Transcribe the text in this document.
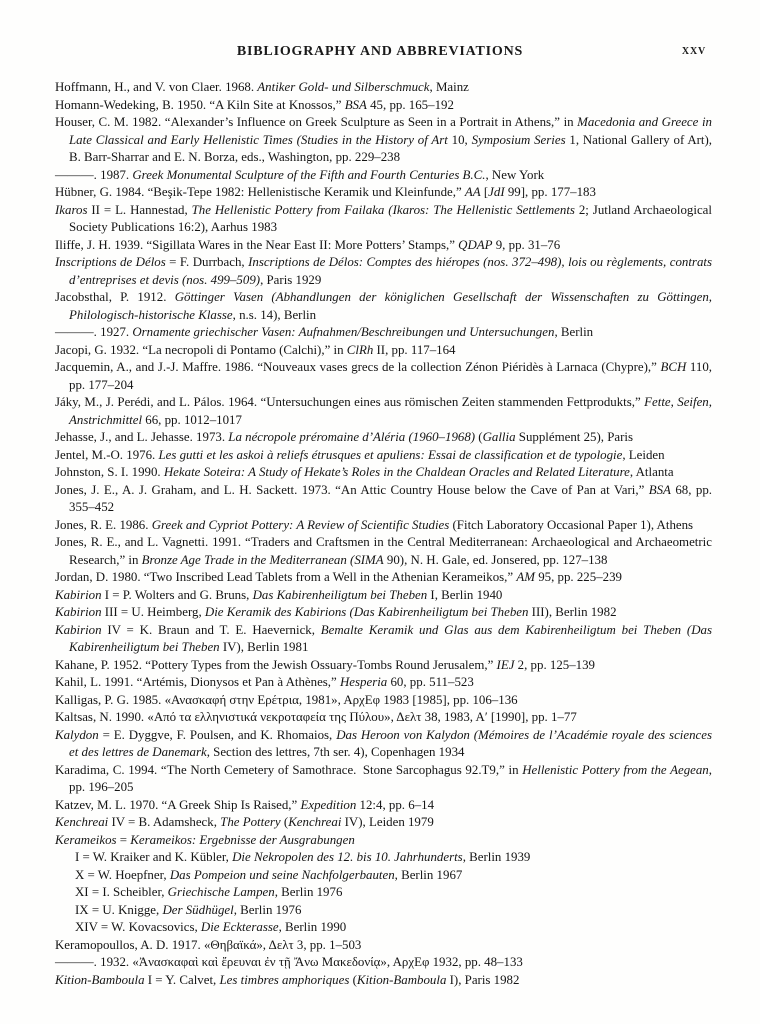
BIBLIOGRAPHY AND ABBREVIATIONS	XXV
Hoffmann, H., and V. von Claer. 1968. Antiker Gold- und Silberschmuck, Mainz
Homann-Wedeking, B. 1950. “A Kiln Site at Knossos,” BSA 45, pp. 165–192
Houser, C. M. 1982. “Alexander’s Influence on Greek Sculpture as Seen in a Portrait in Athens,” in Macedonia and Greece in Late Classical and Early Hellenistic Times (Studies in the History of Art 10, Symposium Series 1, National Gallery of Art), B. Barr-Sharrar and E. N. Borza, eds., Washington, pp. 229–238
———. 1987. Greek Monumental Sculpture of the Fifth and Fourth Centuries B.C., New York
Hübner, G. 1984. “Beşik-Tepe 1982: Hellenistische Keramik und Kleinfunde,” AA [JdI 99], pp. 177–183
Ikaros II = L. Hannestad, The Hellenistic Pottery from Failaka (Ikaros: The Hellenistic Settlements 2; Jutland Archaeological Society Publications 16:2), Aarhus 1983
Iliffe, J. H. 1939. “Sigillata Wares in the Near East II: More Potters’ Stamps,” QDAP 9, pp. 31–76
Inscriptions de Délos = F. Durrbach, Inscriptions de Délos: Comptes des hiéropes (nos. 372–498), lois ou règlements, contrats d’entreprises et devis (nos. 499–509), Paris 1929
Jacobsthal, P. 1912. Göttinger Vasen (Abhandlungen der königlichen Gesellschaft der Wissenschaften zu Göttingen, Philologisch-historische Klasse, n.s. 14), Berlin
———. 1927. Ornamente griechischer Vasen: Aufnahmen/Beschreibungen und Untersuchungen, Berlin
Jacopi, G. 1932. “La necropoli di Pontamo (Calchi),” in ClRh II, pp. 117–164
Jacquemin, A., and J.-J. Maffre. 1986. “Nouveaux vases grecs de la collection Zénon Piéridès à Larnaca (Chypre),” BCH 110, pp. 177–204
Jáky, M., J. Perédi, and L. Pálos. 1964. “Untersuchungen eines aus römischen Zeiten stammenden Fettprodukts,” Fette, Seifen, Anstrichmittel 66, pp. 1012–1017
Jehasse, J., and L. Jehasse. 1973. La nécropole préromaine d’Aléria (1960–1968) (Gallia Supplément 25), Paris
Jentel, M.-O. 1976. Les gutti et les askoi à reliefs étrusques et apuliens: Essai de classification et de typologie, Leiden
Johnston, S. I. 1990. Hekate Soteira: A Study of Hekate’s Roles in the Chaldean Oracles and Related Literature, Atlanta
Jones, J. E., A. J. Graham, and L. H. Sackett. 1973. “An Attic Country House below the Cave of Pan at Vari,” BSA 68, pp. 355–452
Jones, R. E. 1986. Greek and Cypriot Pottery: A Review of Scientific Studies (Fitch Laboratory Occasional Paper 1), Athens
Jones, R. E., and L. Vagnetti. 1991. “Traders and Craftsmen in the Central Mediterranean: Archaeological and Archaeometric Research,” in Bronze Age Trade in the Mediterranean (SIMA 90), N. H. Gale, ed. Jonsered, pp. 127–138
Jordan, D. 1980. “Two Inscribed Lead Tablets from a Well in the Athenian Kerameikos,” AM 95, pp. 225–239
Kabirion I = P. Wolters and G. Bruns, Das Kabirenheiligtum bei Theben I, Berlin 1940
Kabirion III = U. Heimberg, Die Keramik des Kabirions (Das Kabirenheiligtum bei Theben III), Berlin 1982
Kabirion IV = K. Braun and T. E. Haevernick, Bemalte Keramik und Glas aus dem Kabirenheiligtum bei Theben (Das Kabirenheiligtum bei Theben IV), Berlin 1981
Kahane, P. 1952. “Pottery Types from the Jewish Ossuary-Tombs Round Jerusalem,” IEJ 2, pp. 125–139
Kahil, L. 1991. “Artémis, Dionysos et Pan à Athènes,” Hesperia 60, pp. 511–523
Kalligas, P. G. 1985. «Ανασκαφή στην Ερέτρια, 1981», ΑρχΕφ 1983 [1985], pp. 106–136
Kaltsas, N. 1990. «Από τα ελληνιστικά νεκροταφεία της Πύλου», Δελτ 38, 1983, Α′ [1990], pp. 1–77
Kalydon = E. Dyggve, F. Poulsen, and K. Rhomaios, Das Heroon von Kalydon (Mémoires de l’Académie royale des sciences et des lettres de Danemark, Section des lettres, 7th ser. 4), Copenhagen 1934
Karadima, C. 1994. “The North Cemetery of Samothrace. Stone Sarcophagus 92.T9,” in Hellenistic Pottery from the Aegean, pp. 196–205
Katzev, M. L. 1970. “A Greek Ship Is Raised,” Expedition 12:4, pp. 6–14
Kenchreai IV = B. Adamsheck, The Pottery (Kenchreai IV), Leiden 1979
Kerameikos = Kerameikos: Ergebnisse der Ausgrabungen
I = W. Kraiker and K. Kübler, Die Nekropolen des 12. bis 10. Jahrhunderts, Berlin 1939
X = W. Hoepfner, Das Pompeion und seine Nachfolgerbauten, Berlin 1967
XI = I. Scheibler, Griechische Lampen, Berlin 1976
IX = U. Knigge, Der Südhügel, Berlin 1976
XIV = W. Kovacsovics, Die Eckterasse, Berlin 1990
Keramopoullos, A. D. 1917. «Θηβαϊκά», Δελτ 3, pp. 1–503
———. 1932. «Ἀνασκαφαὶ καὶ ἔρευναι ἐν τῇ Ἄνω Μακεδονίᾳ», ΑρχΕφ 1932, pp. 48–133
Kition-Bamboula I = Y. Calvet, Les timbres amphoriques (Kition-Bamboula I), Paris 1982
